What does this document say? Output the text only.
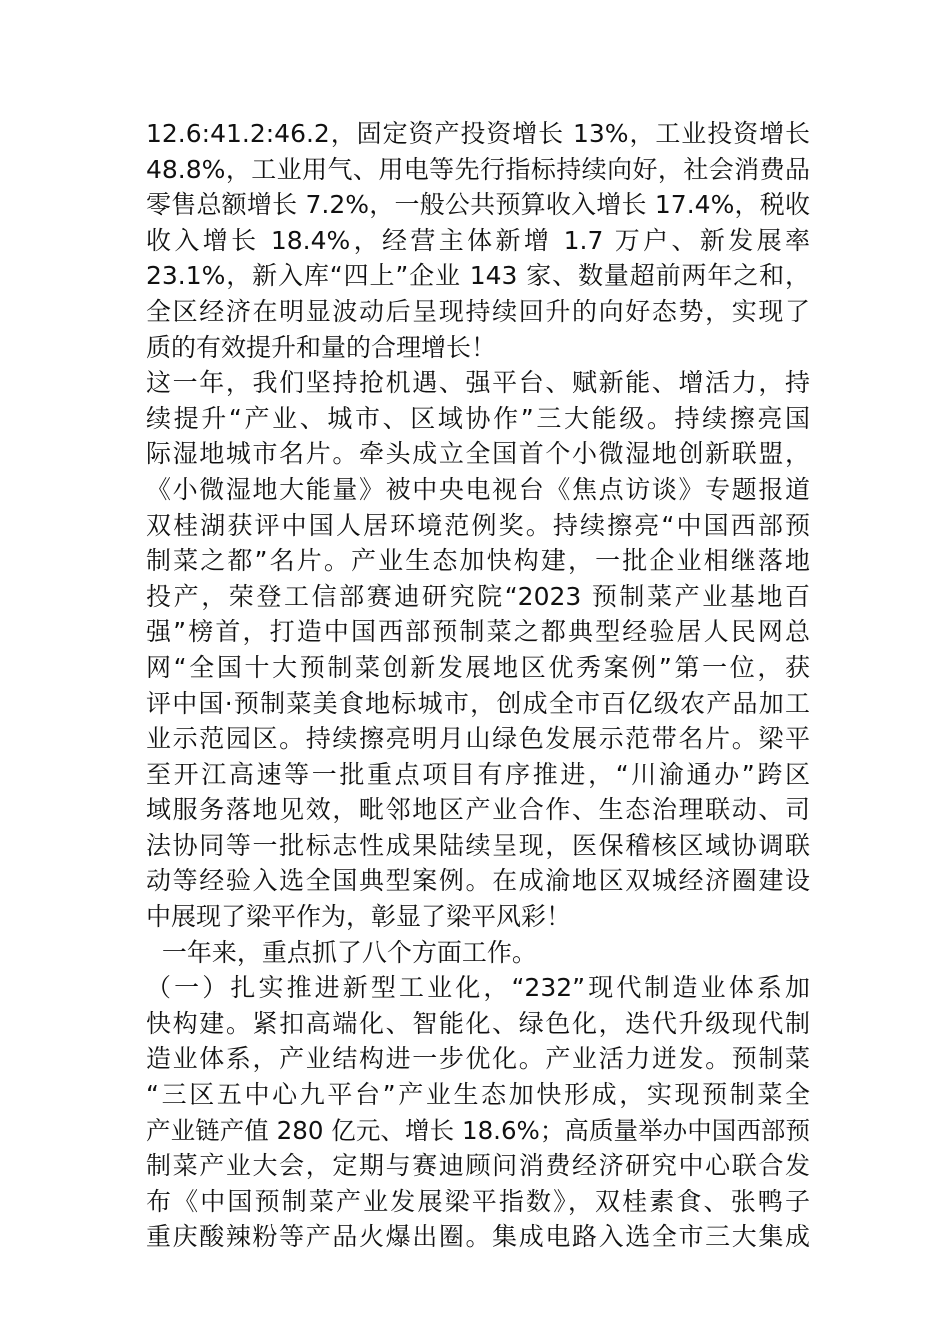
12.6:41.2:46.2，固定资产投资增长 13%，工业投资增长
48.8%，工业用气、用电等先行指标持续向好，社会消费品
零售总额增长 7.2%，一般公共预算收入增长 17.4%，税收
收入增长 18.4%，经营主体新增 1.7 万户、新发展率
23.1%，新入库“四上”企业 143 家、数量超前两年之和，
全区经济在明显波动后呈现持续回升的向好态势，实现了
质的有效提升和量的合理增长！
这一年，我们坚持抢机遇、强平台、赋新能、增活力，持
续提升“产业、城市、区域协作”三大能级。持续擦亮国
际湿地城市名片。牵头成立全国首个小微湿地创新联盟，
《小微湿地大能量》被中央电视台《焦点访谈》专题报道
双桂湖获评中国人居环境范例奖。持续擦亮“中国西部预
制菜之都”名片。产业生态加快构建，一批企业相继落地
投产，荣登工信部赛迪研究院“2023 预制菜产业基地百
强”榜首，打造中国西部预制菜之都典型经验居人民网总
网“全国十大预制菜创新发展地区优秀案例”第一位，获
评中国·预制菜美食地标城市，创成全市百亿级农产品加工
业示范园区。持续擦亮明月山绿色发展示范带名片。梁平
至开江高速等一批重点项目有序推进，“川渝通办”跨区
域服务落地见效，毗邻地区产业合作、生态治理联动、司
法协同等一批标志性成果陆续呈现，医保稽核区域协调联
动等经验入选全国典型案例。在成渝地区双城经济圈建设
中展现了梁平作为，彰显了梁平风彩！
一年来，重点抓了八个方面工作。
（一）扎实推进新型工业化，“232”现代制造业体系加
快构建。紧扣高端化、智能化、绿色化，迭代升级现代制
造业体系，产业结构进一步优化。产业活力迸发。预制菜
“三区五中心九平台”产业生态加快形成，实现预制菜全
产业链产值 280 亿元、增长 18.6%；高质量举办中国西部预
制菜产业大会，定期与赛迪顾问消费经济研究中心联合发
布《中国预制菜产业发展梁平指数》，双桂素食、张鸭子
重庆酸辣粉等产品火爆出圈。集成电路入选全市三大集成
